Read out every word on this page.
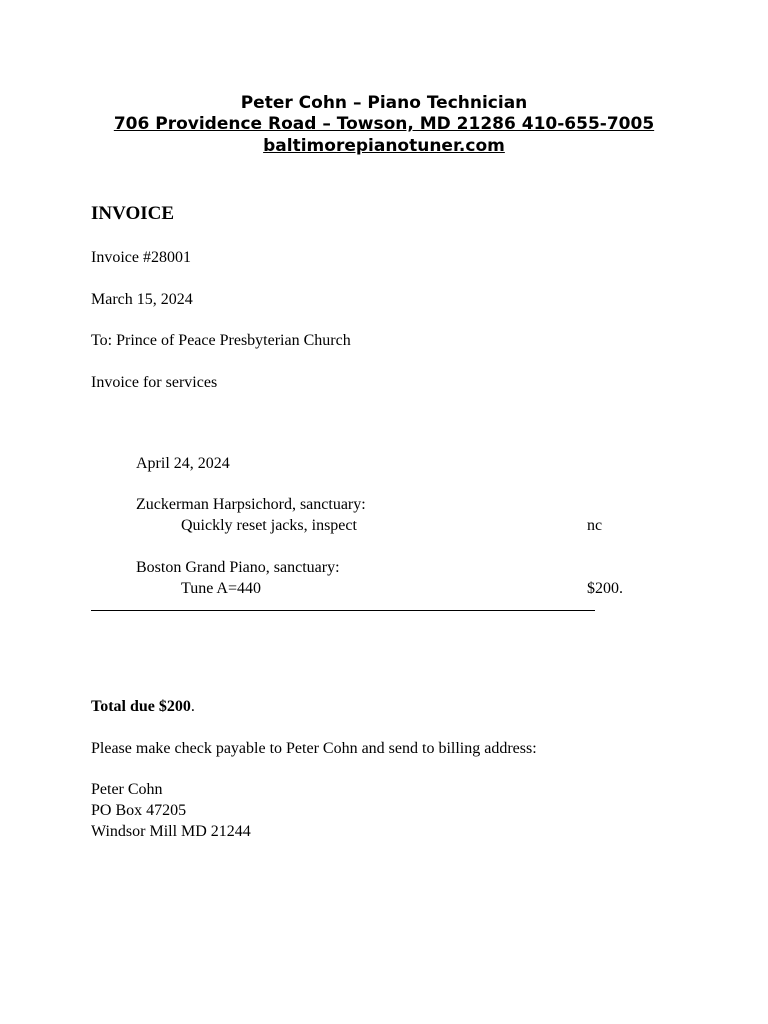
Peter Cohn – Piano Technician
706 Providence Road – Towson, MD 21286 410-655-7005
baltimorepianotuner.com
INVOICE
Invoice #28001
March 15, 2024
To: Prince of Peace Presbyterian Church
Invoice for services
April 24, 2024
Zuckerman Harpsichord, sanctuary:
Quickly reset jacks, inspect	nc
Boston Grand Piano, sanctuary:
Tune A=440	$200.
Total due $200.
Please make check payable to Peter Cohn and send to billing address:
Peter Cohn
PO Box 47205
Windsor Mill MD 21244
